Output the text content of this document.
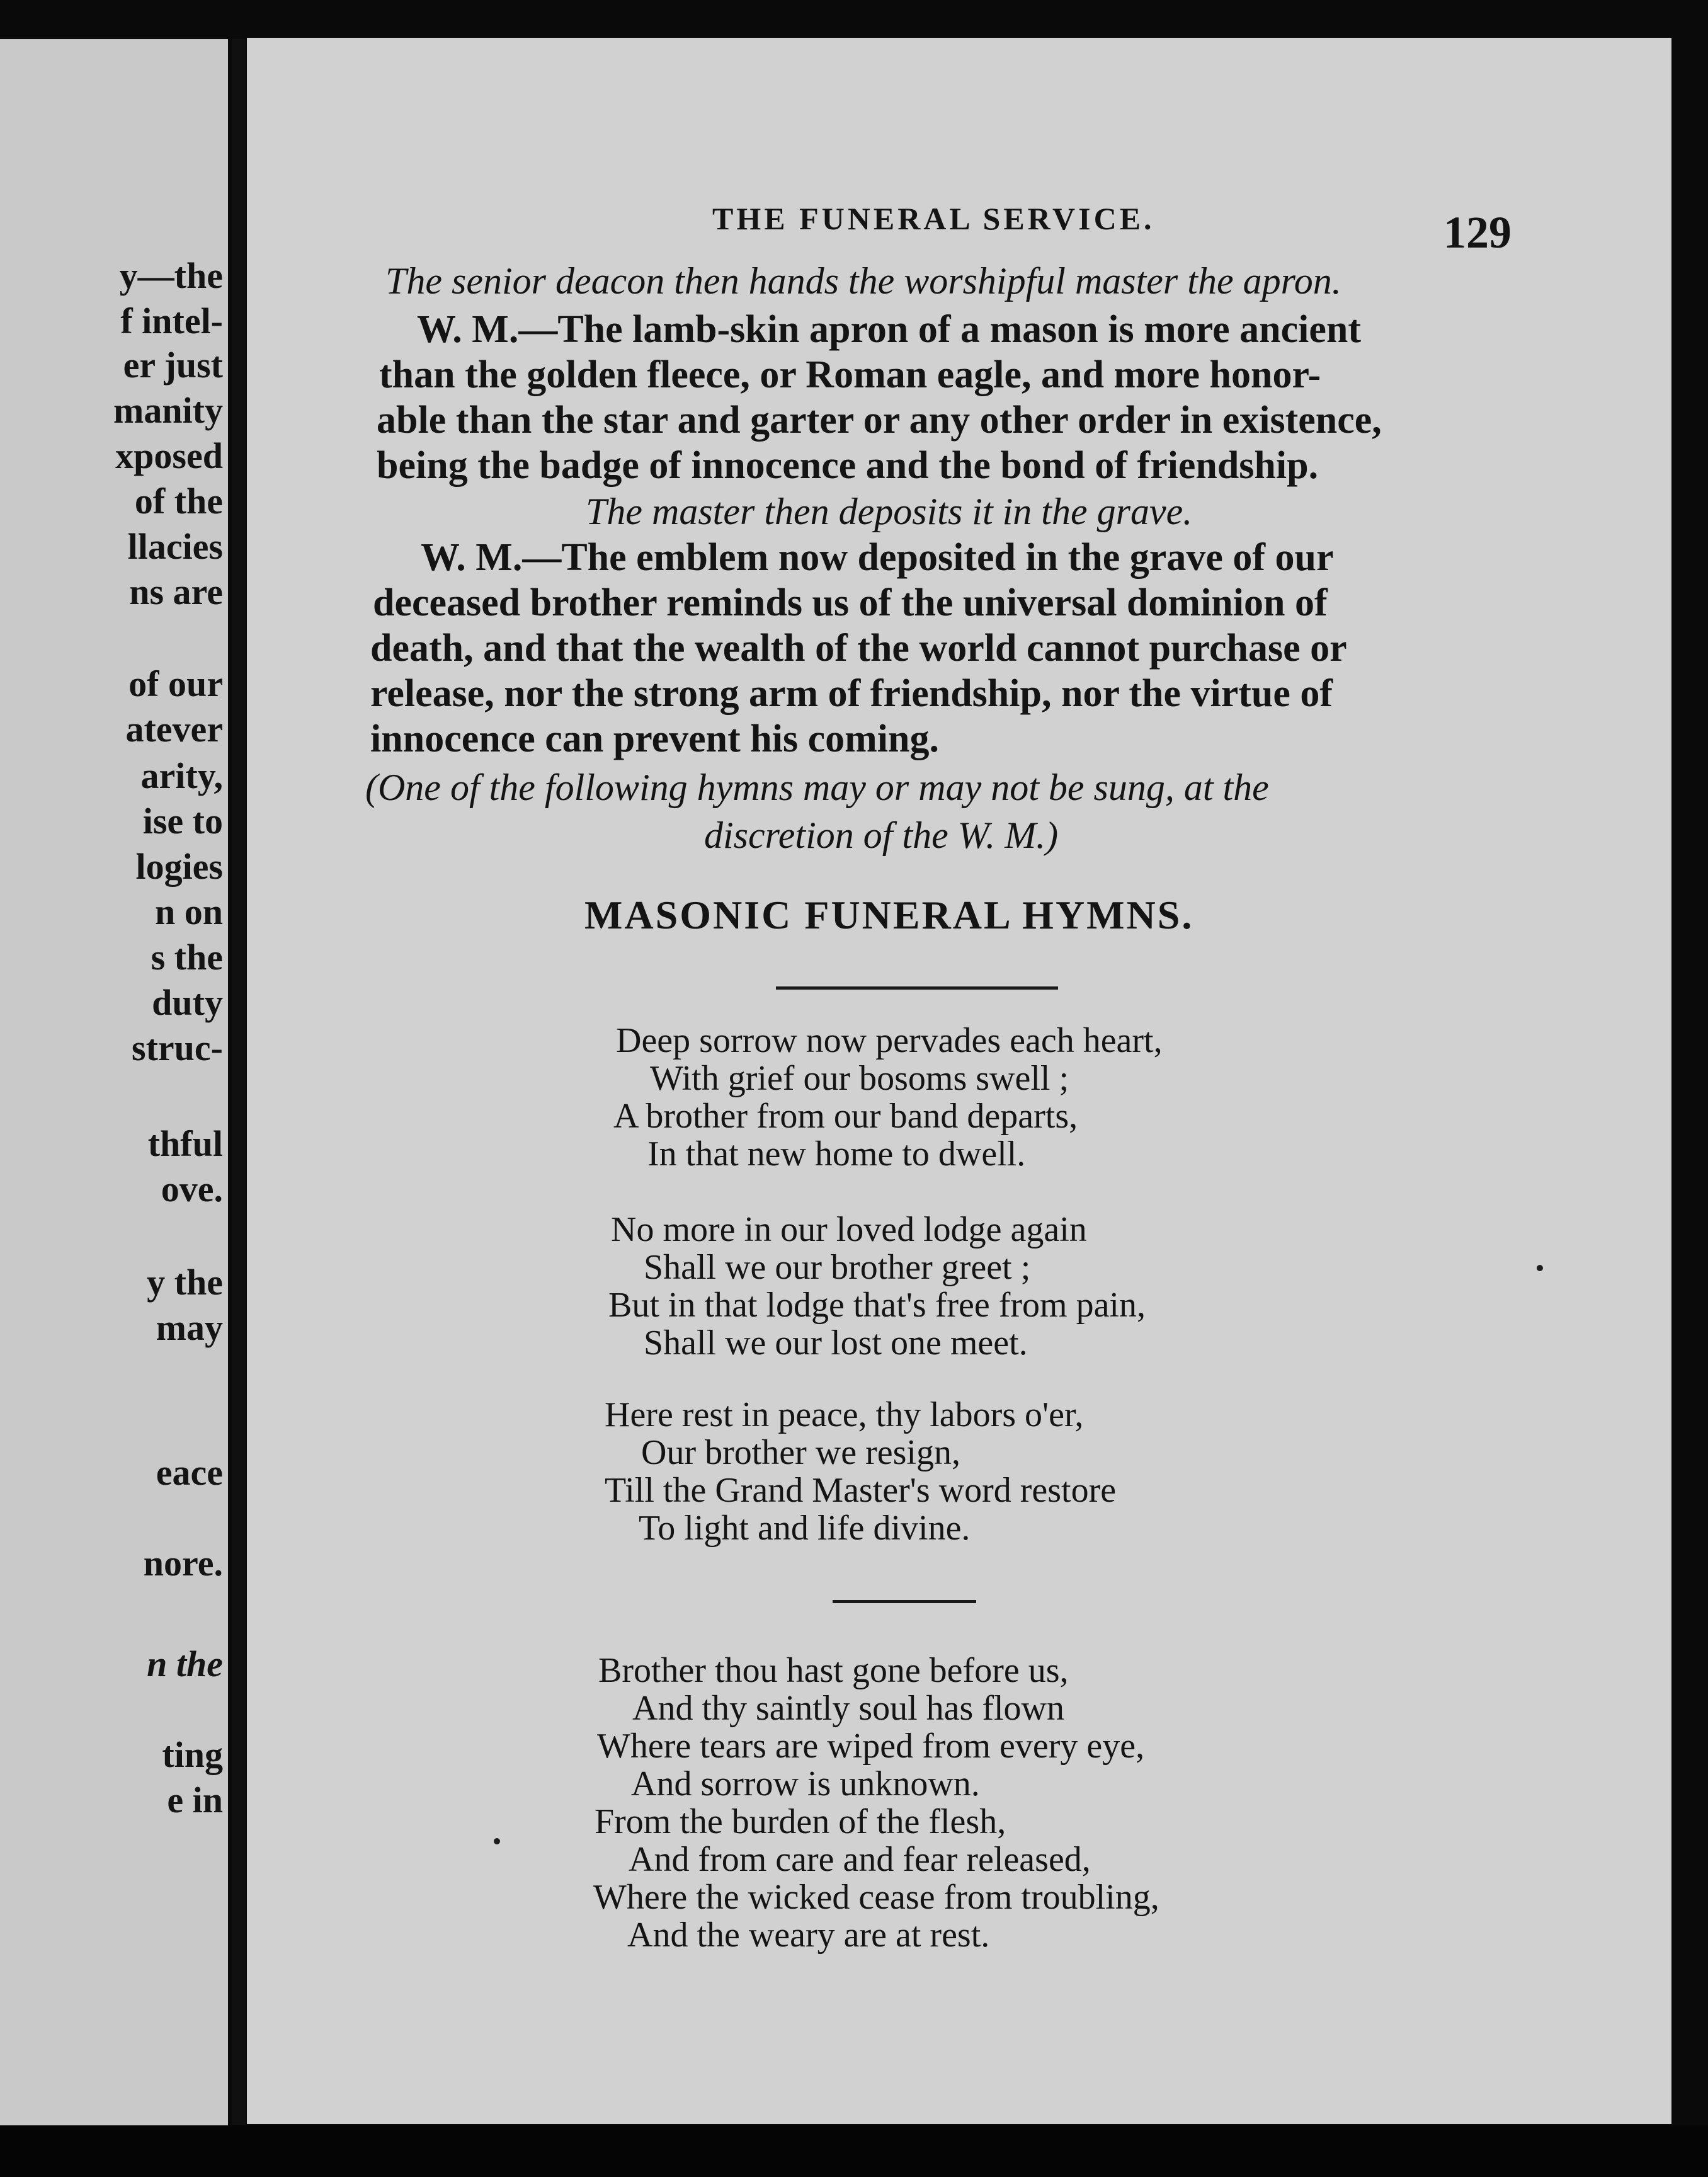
y—the
f intel-
er just
manity
xposed
of the
llacies
ns are
of our
atever
arity,
ise to
logies
n on
s the
duty
struc-
thful
ove.
y the
may
eace
nore.
n the
ting
e in
THE FUNERAL SERVICE.	129
The senior deacon then hands the worshipful master the apron.
W. M.—The lamb-skin apron of a mason is more ancient
than the golden fleece, or Roman eagle, and more honor-
able than the star and garter or any other order in existence,
being the badge of innocence and the bond of friendship.
The master then deposits it in the grave.
W. M.—The emblem now deposited in the grave of our
deceased brother reminds us of the universal dominion of
death, and that the wealth of the world cannot purchase or
release, nor the strong arm of friendship, nor the virtue of
innocence can prevent his coming.
(One of the following hymns may or may not be sung, at the
discretion of the W. M.)
MASONIC FUNERAL HYMNS.
Deep sorrow now pervades each heart,
With grief our bosoms swell ;
A brother from our band departs,
In that new home to dwell.
No more in our loved lodge again
Shall we our brother greet ;
But in that lodge that's free from pain,
Shall we our lost one meet.
Here rest in peace, thy labors o'er,
Our brother we resign,
Till the Grand Master's word restore
To light and life divine.
Brother thou hast gone before us,
And thy saintly soul has flown
Where tears are wiped from every eye,
And sorrow is unknown.
From the burden of the flesh,
And from care and fear released,
Where the wicked cease from troubling,
And the weary are at rest.
